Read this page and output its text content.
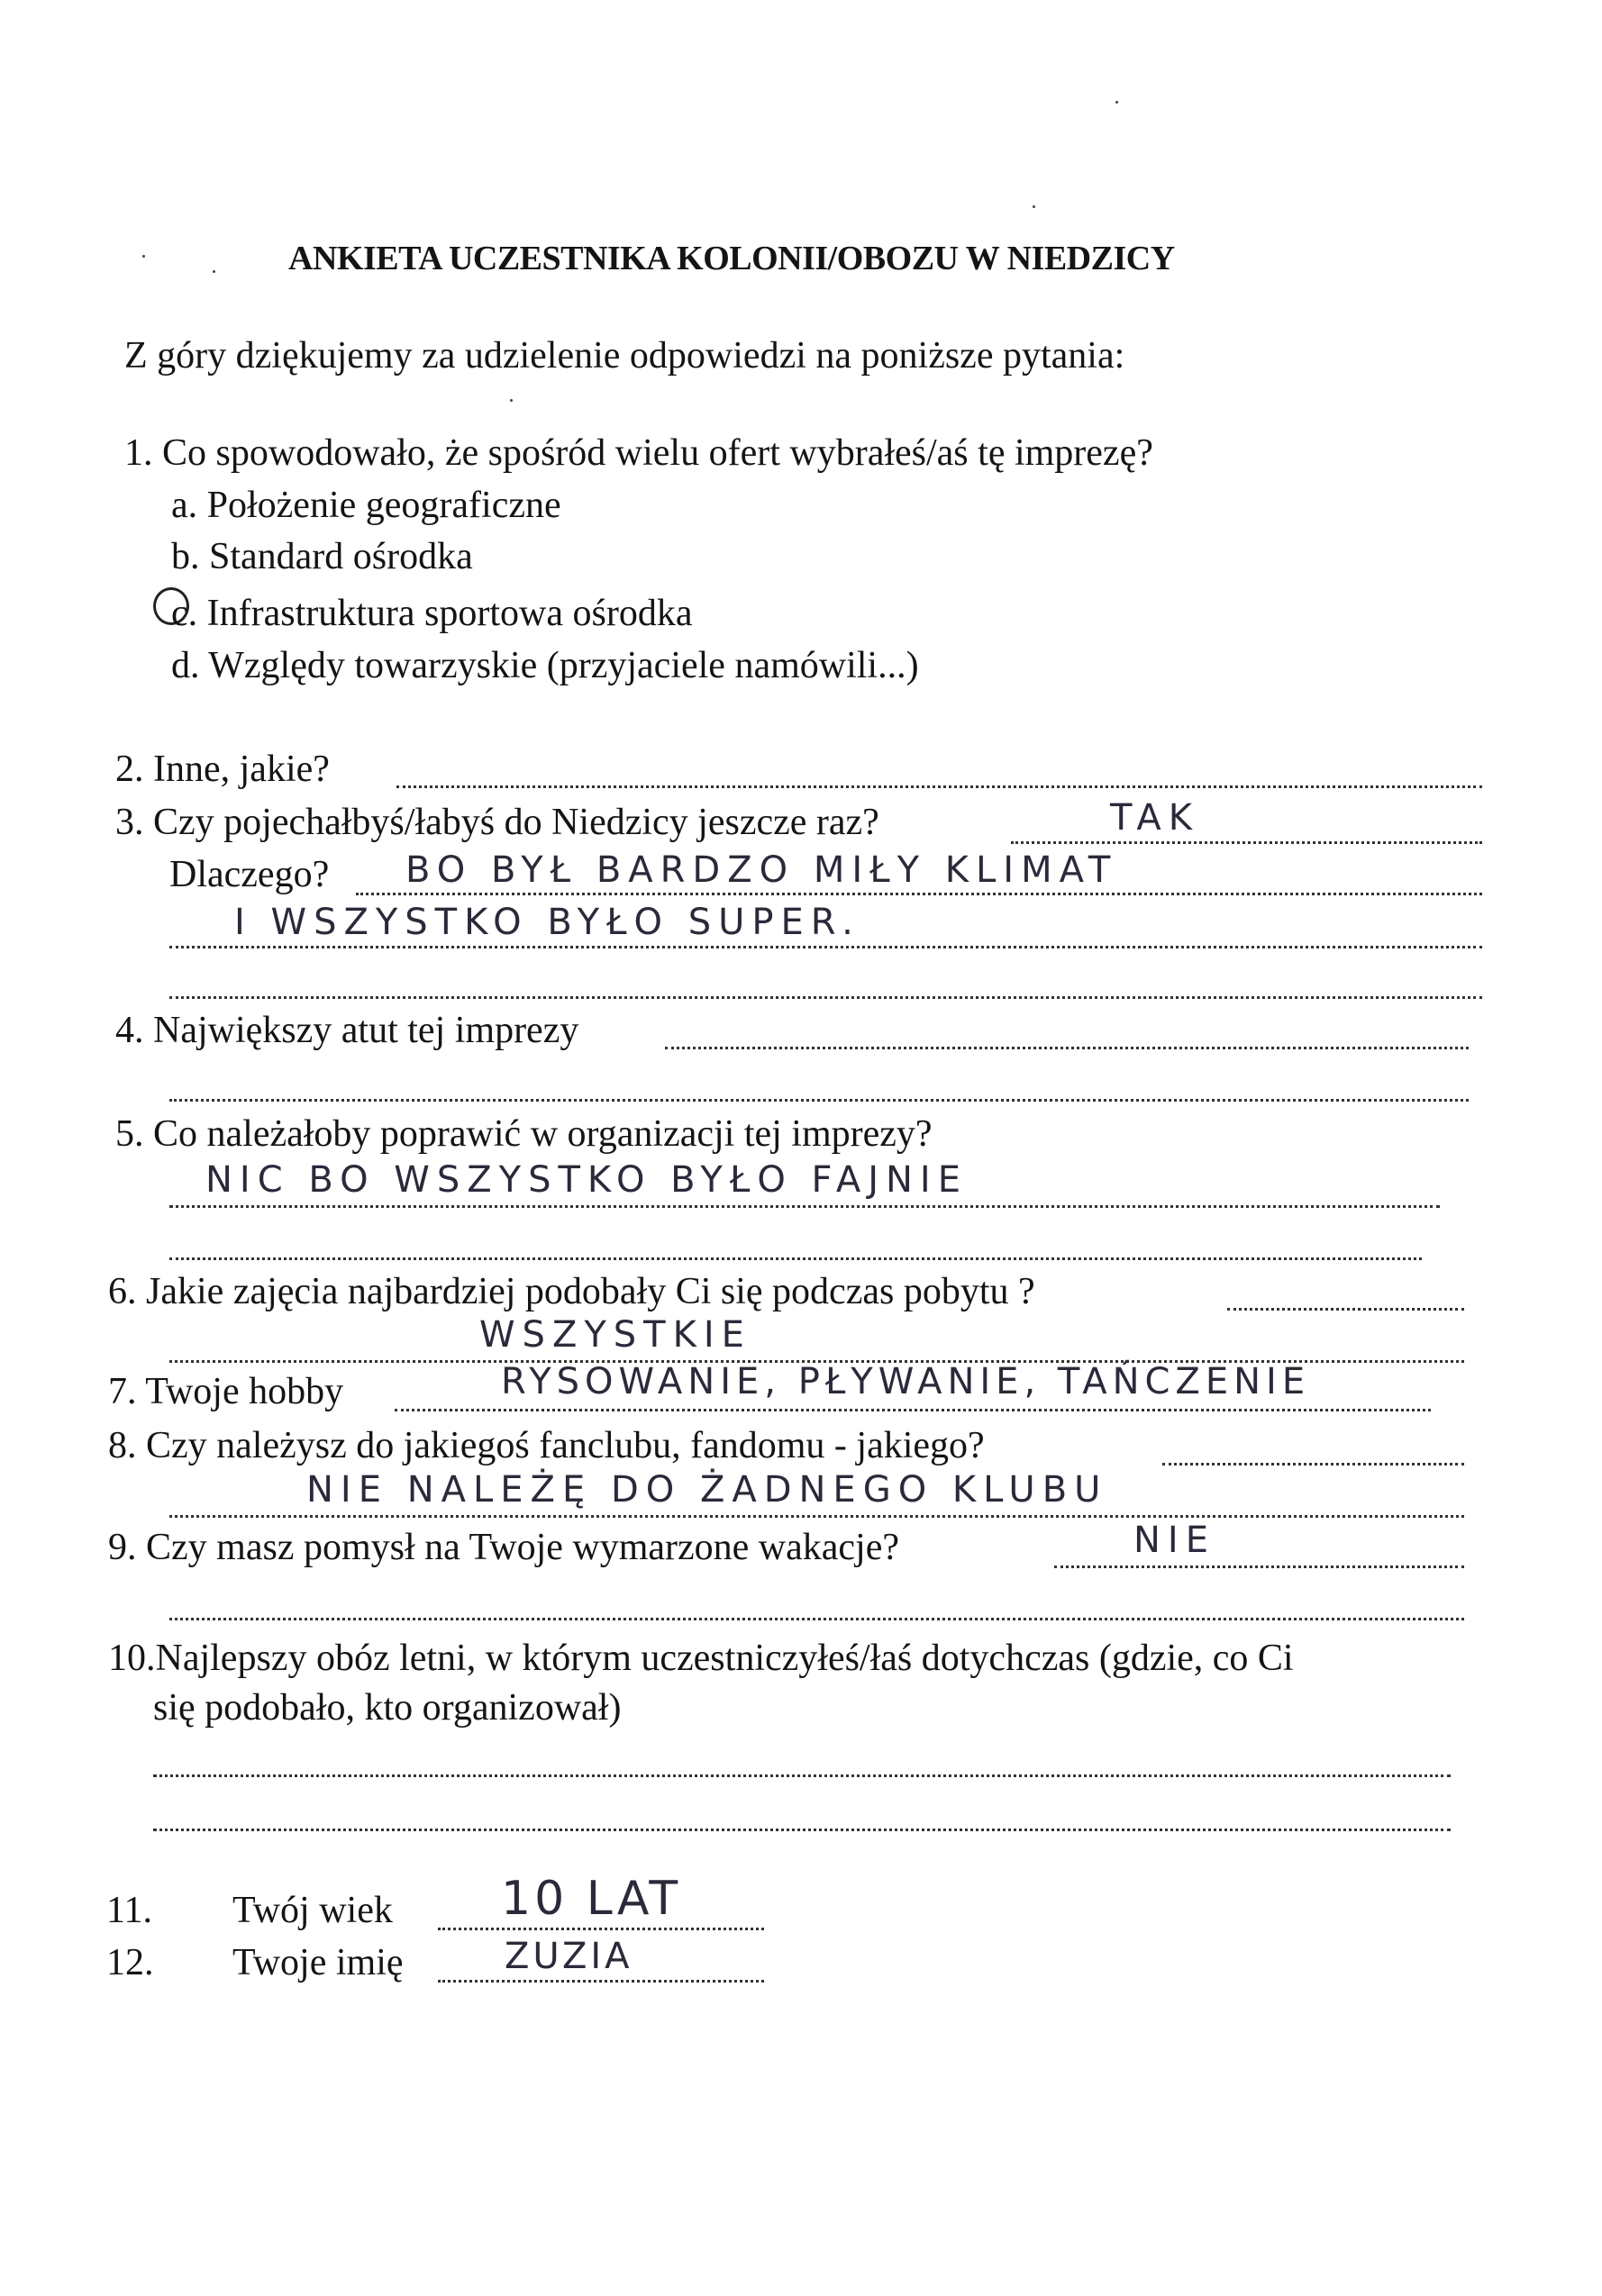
ANKIETA UCZESTNIKA KOLONII/OBOZU W NIEDZICY
Z góry dziękujemy za udzielenie odpowiedzi na poniższe pytania:
1. Co spowodowało, że spośród wielu ofert wybrałeś/aś tę imprezę?
a. Położenie geograficzne
b. Standard ośrodka
c. Infrastruktura sportowa ośrodka
d. Względy towarzyskie (przyjaciele namówili...)
2. Inne, jakie?
3. Czy pojechałbyś/łabyś do Niedzicy jeszcze raz?	TAK
Dlaczego? BO BYŁ BARDZO MIŁY KLIMAT
I WSZYSTKO BYŁO SUPER.
4. Największy atut tej imprezy
5. Co należałoby poprawić w organizacji tej imprezy?
NIC BO WSZYSTKO BYŁO FAJNIE
6. Jakie zajęcia najbardziej podobały Ci się podczas pobytu ?
WSZYSTKIE
7. Twoje hobby	RYSOWANIE, PŁYWANIE, TAŃCZENIE
8. Czy należysz do jakiegoś fanclubu, fandomu - jakiego?
NIE NALEŻĘ DO ŻADNEGO KLUBU
9. Czy masz pomysł na Twoje wymarzone wakacje?	NIE
10.Najlepszy obóz letni, w którym uczestniczyłeś/łaś dotychczas (gdzie, co Ci
się podobało, kto organizował)
11. Twój wiek 10 LAT
12. Twoje imię	ZUZIA
